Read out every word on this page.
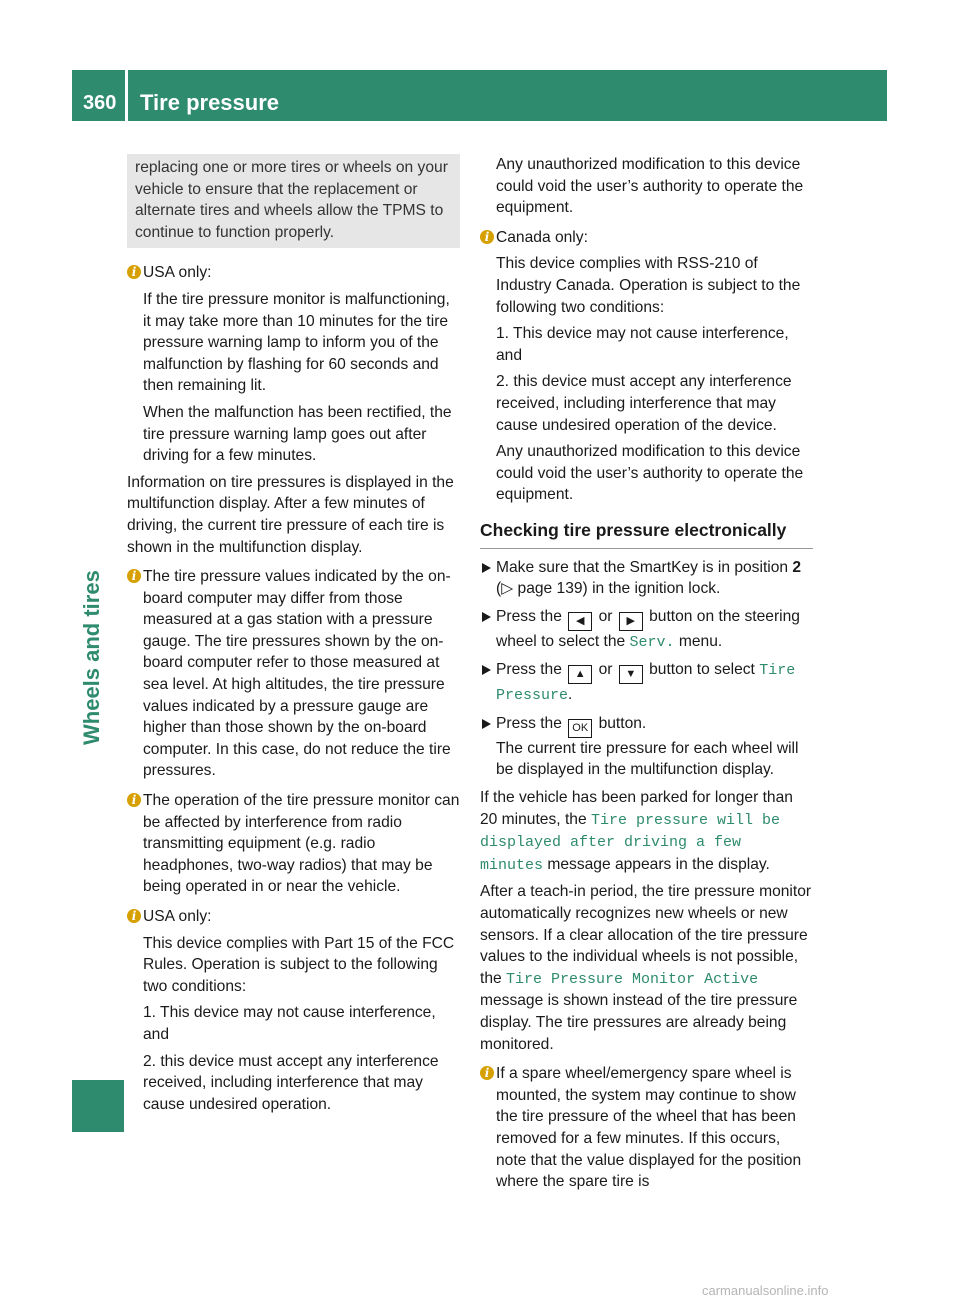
360 Tire pressure
Wheels and tires
replacing one or more tires or wheels on your vehicle to ensure that the replacement or alternate tires and wheels allow the TPMS to continue to function properly.
i USA only:
If the tire pressure monitor is malfunctioning, it may take more than 10 minutes for the tire pressure warning lamp to inform you of the malfunction by flashing for 60 seconds and then remaining lit.
When the malfunction has been rectified, the tire pressure warning lamp goes out after driving for a few minutes.
Information on tire pressures is displayed in the multifunction display. After a few minutes of driving, the current tire pressure of each tire is shown in the multifunction display.
i The tire pressure values indicated by the on-board computer may differ from those measured at a gas station with a pressure gauge. The tire pressures shown by the on-board computer refer to those measured at sea level. At high altitudes, the tire pressure values indicated by a pressure gauge are higher than those shown by the on-board computer. In this case, do not reduce the tire pressures.
i The operation of the tire pressure monitor can be affected by interference from radio transmitting equipment (e.g. radio headphones, two-way radios) that may be being operated in or near the vehicle.
i USA only:
This device complies with Part 15 of the FCC Rules. Operation is subject to the following two conditions:
1. This device may not cause interference, and
2. this device must accept any interference received, including interference that may cause undesired operation.
Any unauthorized modification to this device could void the user’s authority to operate the equipment.
i Canada only:
This device complies with RSS-210 of Industry Canada. Operation is subject to the following two conditions:
1. This device may not cause interference, and
2. this device must accept any interference received, including interference that may cause undesired operation of the device.
Any unauthorized modification to this device could void the user’s authority to operate the equipment.
Checking tire pressure electronically
Make sure that the SmartKey is in position 2 (▷ page 139) in the ignition lock.
Press the ◀ or ▶ button on the steering wheel to select the Serv. menu.
Press the ▲ or ▼ button to select Tire Pressure.
Press the OK button.
The current tire pressure for each wheel will be displayed in the multifunction display.
If the vehicle has been parked for longer than 20 minutes, the Tire pressure will be displayed after driving a few minutes message appears in the display.
After a teach-in period, the tire pressure monitor automatically recognizes new wheels or new sensors. If a clear allocation of the tire pressure values to the individual wheels is not possible, the Tire Pressure Monitor Active message is shown instead of the tire pressure display. The tire pressures are already being monitored.
i If a spare wheel/emergency spare wheel is mounted, the system may continue to show the tire pressure of the wheel that has been removed for a few minutes. If this occurs, note that the value displayed for the position where the spare tire is
carmanualsonline.info
